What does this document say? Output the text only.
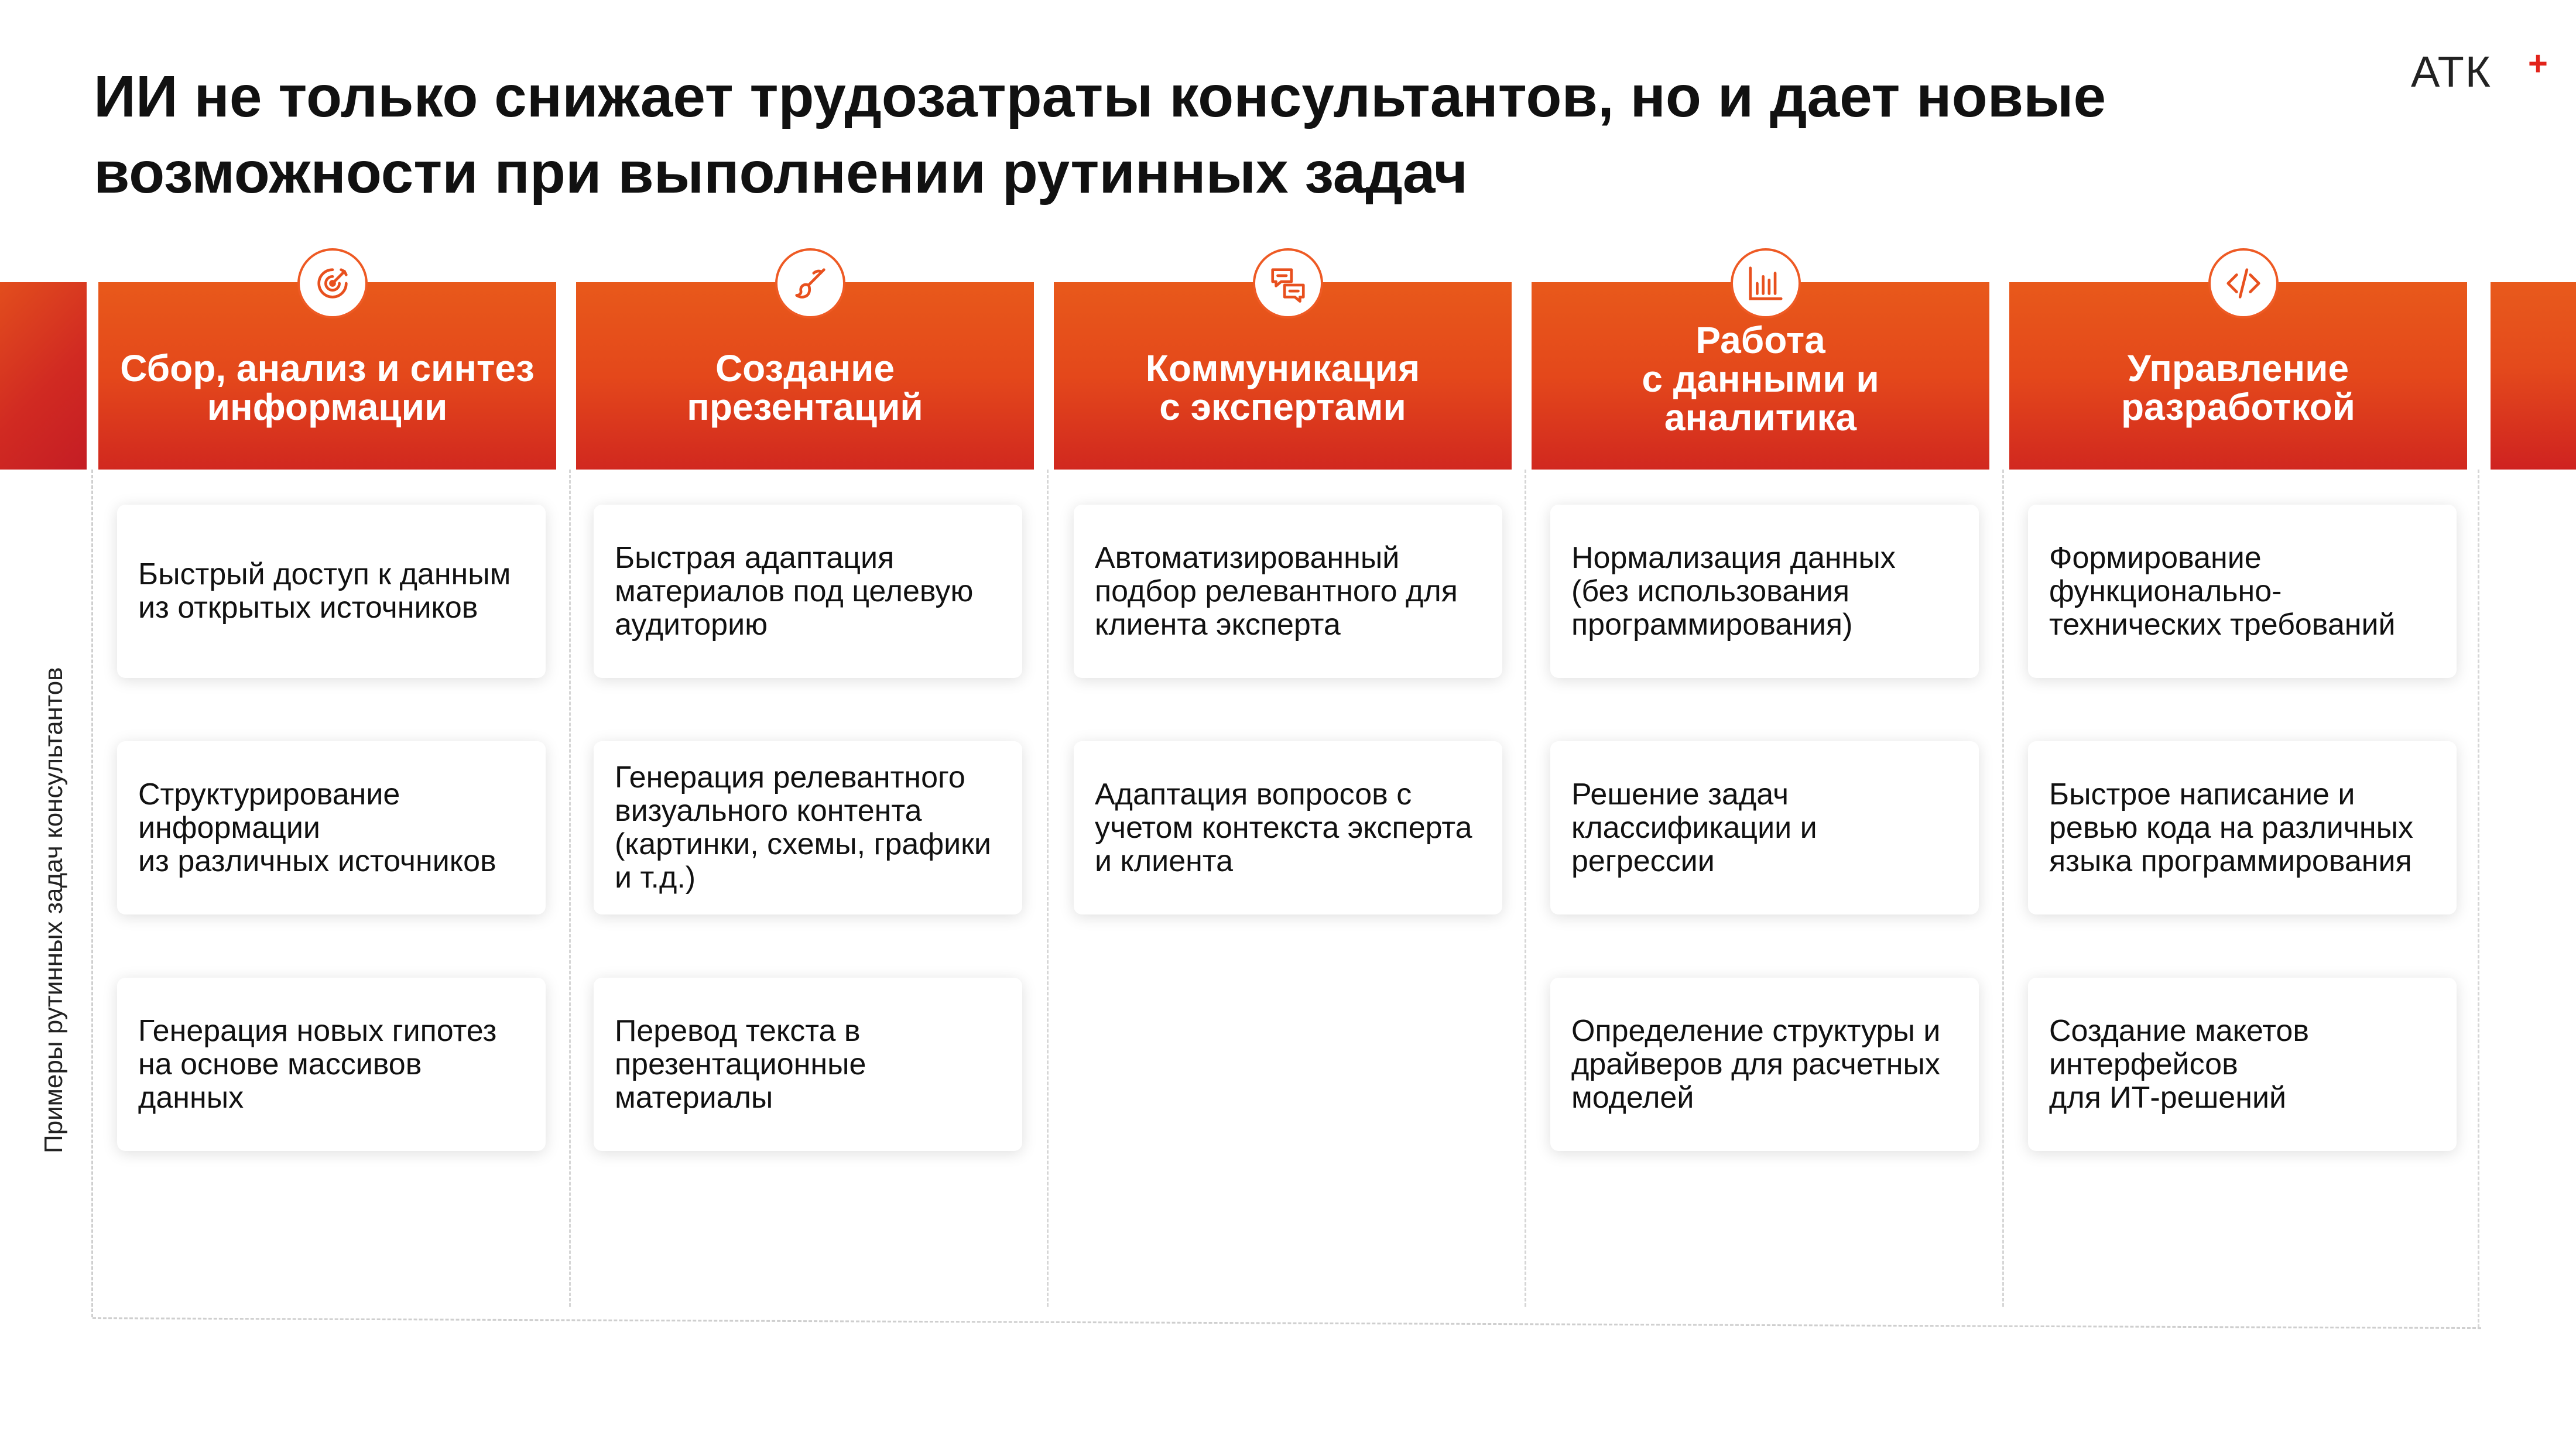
ИИ не только снижает трудозатраты консультантов, но и дает новые
возможности при выполнении рутинных задач
АТК +
Сбор, анализ и синтез
информации
Создание
презентаций
Коммуникация
с экспертами
Работа
с данными и
аналитика
Управление
разработкой
Примеры рутинных задач консультантов
Быстрый доступ к данным
из открытых источников
Структурирование
информации
из различных источников
Генерация новых гипотез
на основе массивов
данных
Быстрая адаптация
материалов под целевую
аудиторию
Генерация релевантного
визуального контента
(картинки, схемы, графики
и т.д.)
Перевод текста в
презентационные
материалы
Автоматизированный
подбор релевантного для
клиента эксперта
Адаптация вопросов с
учетом контекста эксперта
и клиента
Нормализация данных
(без использования
программирования)
Решение задач
классификации и
регрессии
Определение структуры и
драйверов для расчетных
моделей
Формирование
функционально-
технических требований
Быстрое написание и
ревью кода на различных
языка программирования
Создание макетов
интерфейсов
для ИТ-решений
